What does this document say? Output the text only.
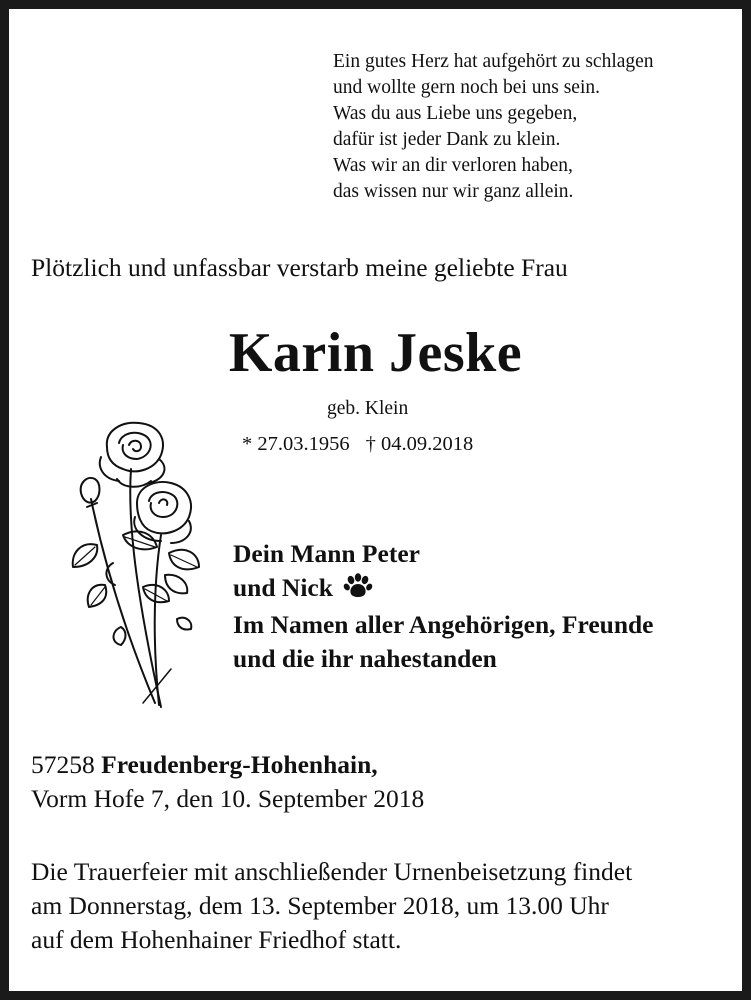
Ein gutes Herz hat aufgehört zu schlagen
und wollte gern noch bei uns sein.
Was du aus Liebe uns gegeben,
dafür ist jeder Dank zu klein.
Was wir an dir verloren haben,
das wissen nur wir ganz allein.
Plötzlich und unfassbar verstarb meine geliebte Frau
Karin Jeske
geb. Klein
* 27.03.1956 † 04.09.2018
Dein Mann Peter
und Nick
Im Namen aller Angehörigen, Freunde
und die ihr nahestanden
57258 Freudenberg-Hohenhain,
Vorm Hofe 7, den 10. September 2018
Die Trauerfeier mit anschließender Urnenbeisetzung findet
am Donnerstag, dem 13. September 2018, um 13.00 Uhr
auf dem Hohenhainer Friedhof statt.
